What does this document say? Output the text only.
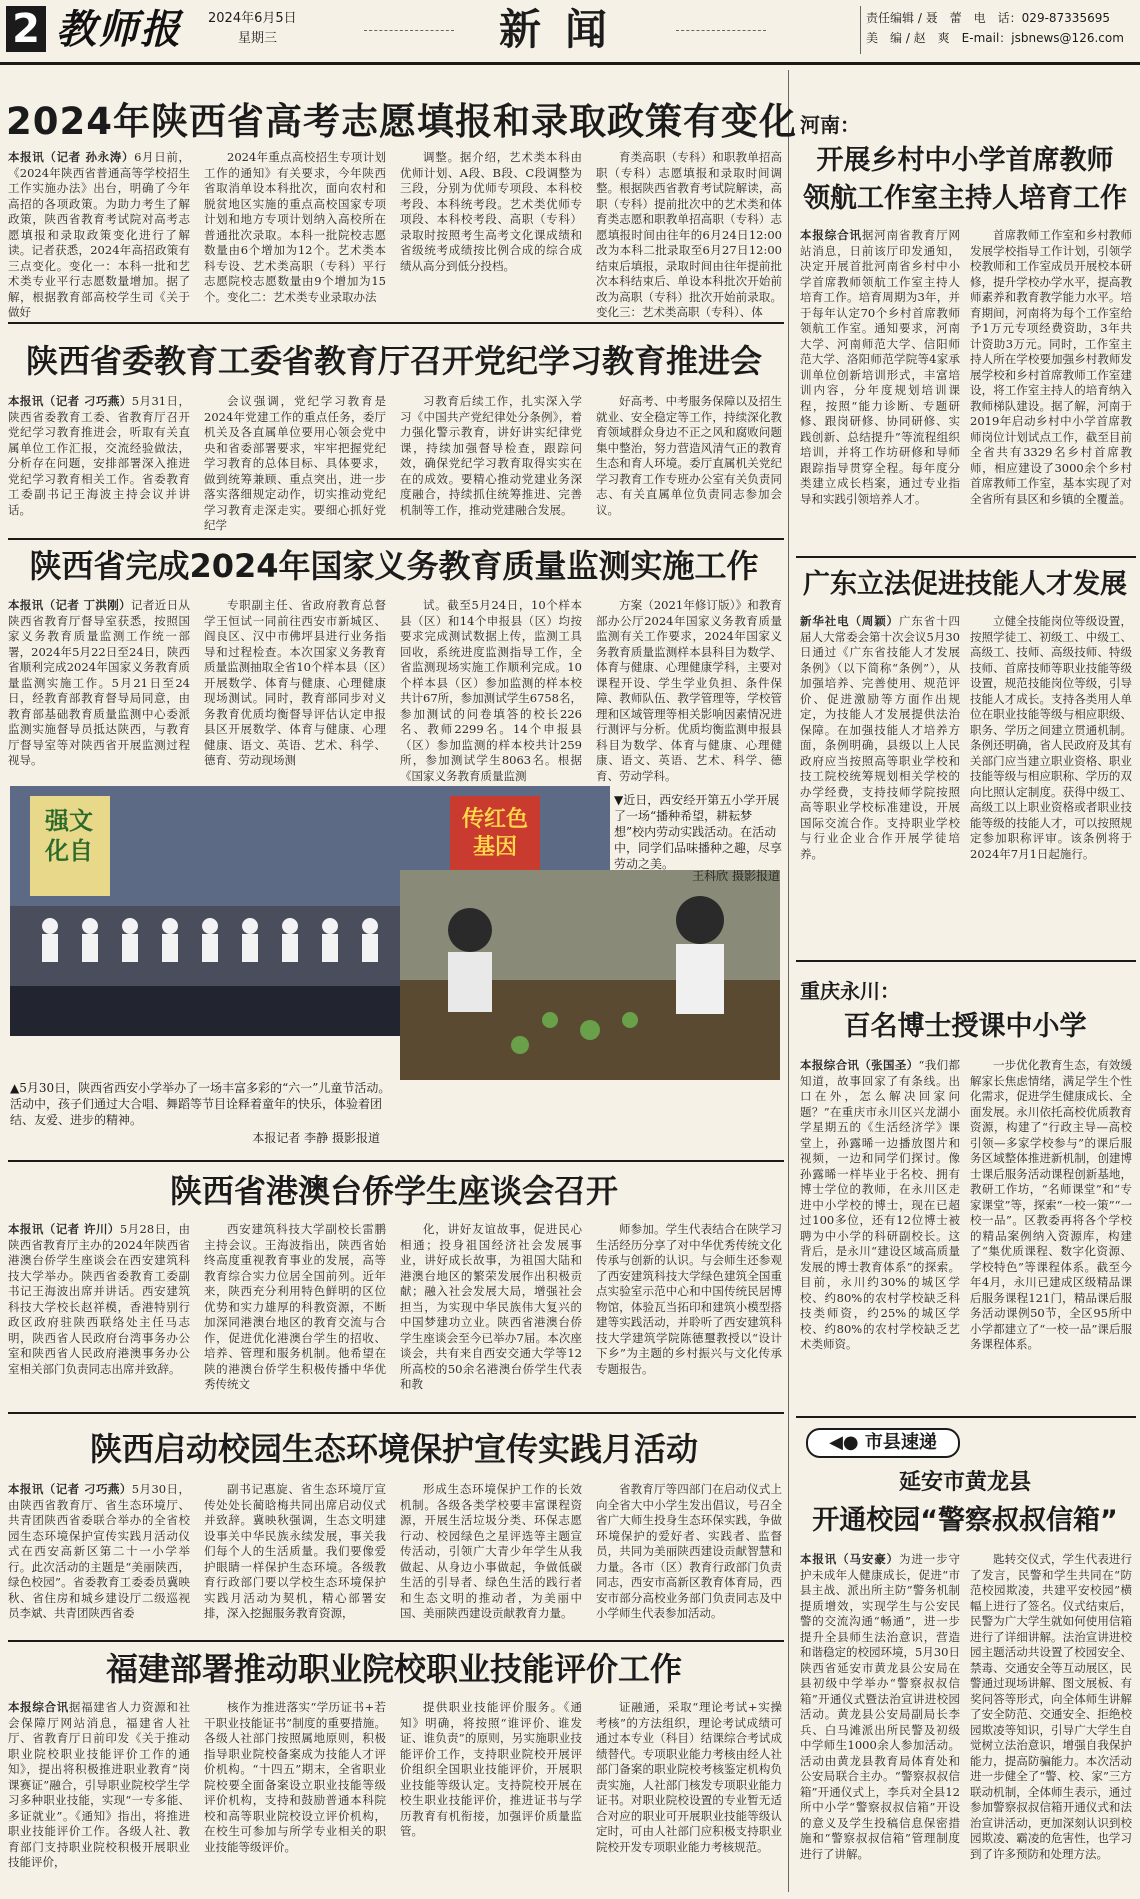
2 教师报 2024年6月5日
星期三	新闻	责任编辑 / 聂　蕾　电　话：029-87335695
美　编 / 赵　爽　E-mail：jsbnews@126.com
2024年陕西省高考志愿填报和录取政策有变化

本报讯（记者 孙永涛）6月日前，《2024年陕西省普通高等学校招生工作实施办法》出台，明确了今年高招的各项政策。为助力考生了解政策，陕西省教育考试院对高考志愿填报和录取政策变化进行了解读。记者获悉，2024年高招政策有三点变化。变化一：本科一批和艺术类专业平行志愿数量增加。据了解，根据教育部高校学生司《关于做好

2024年重点高校招生专项计划工作的通知》有关要求，今年陕西省取消单设本科批次，面向农村和脱贫地区实施的重点高校国家专项计划和地方专项计划纳入高校所在普通批次录取。本科一批院校志愿数量由6个增加为12个。艺术类本科专设、艺术类高职（专科）平行志愿院校志愿数量由9个增加为15个。变化二：艺术类专业录取办法

调整。据介绍，艺术类本科由优师计划、A段、B段、C段调整为三段，分别为优师专项段、本科校考段、本科统考段。艺术类优师专项段、本科校考段、高职（专科）录取时按照考生高考文化课成绩和省级统考成绩按比例合成的综合成绩从高分到低分投档。

育类高职（专科）和职教单招高职（专科）志愿填报和录取时间调整。根据陕西省教育考试院解读，高职（专科）提前批次中的艺术类和体育类志愿和职教单招高职（专科）志愿填报时间由往年的6月24日12:00改为本科二批录取至6月27日12:00结束后填报，录取时间由往年提前批次本科结束后、单设本科批次开始前改为高职（专科）批次开始前录取。变化三：艺术类高职（专科）、体

陕西省委教育工委省教育厅召开党纪学习教育推进会

本报讯（记者 刁巧燕）5月31日，陕西省委教育工委、省教育厅召开党纪学习教育推进会，听取有关直属单位工作汇报，交流经验做法，分析存在问题，安排部署深入推进党纪学习教育相关工作。省委教育工委副书记王海波主持会议并讲话。

会议强调，党纪学习教育是2024年党建工作的重点任务，委厅机关及各直属单位要用心领会党中央和省委部署要求，牢牢把握党纪学习教育的总体目标、具体要求，做到统筹兼顾、重点突出，进一步落实落细规定动作，切实推动党纪学习教育走深走实。要细心抓好党纪学

习教育后续工作，扎实深入学习《中国共产党纪律处分条例》，着力强化警示教育，讲好讲实纪律党课，持续加强督导检查，跟踪问效，确保党纪学习教育取得实实在在的成效。要精心推动党建业务深度融合，持续抓住统筹推进、完善机制等工作，推动党建融合发展。

好高考、中考服务保障以及招生就业、安全稳定等工作，持续深化教育领域群众身边不正之风和腐败问题集中整治，努力营造风清气正的教育生态和育人环境。委厅直属机关党纪学习教育工作专班办公室有关负责同志、有关直属单位负责同志参加会议。

陕西省完成2024年国家义务教育质量监测实施工作

本报讯（记者 丁洪刚）记者近日从陕西省教育厅督导室获悉，按照国家义务教育质量监测工作统一部署，2024年5月22日至24日，陕西省顺利完成2024年国家义务教育质量监测实施工作。5月21日至24日，经教育部教育督导局同意，由教育部基础教育质量监测中心委派监测实施督导员抵达陕西，与教育厅督导室等对陕西省开展监测过程视导。

专职副主任、省政府教育总督学王恒试一同前往西安市新城区、阎良区、汉中市佛坪县进行业务指导和过程检查。本次国家义务教育质量监测抽取全省10个样本县（区）开展数学、体育与健康、心理健康现场测试。同时，教育部同步对义务教育优质均衡督导评估认定申报县区开展数学、体育与健康、心理健康、语文、英语、艺术、科学、德育、劳动现场测

试。截至5月24日，10个样本县（区）和14个申报县（区）均按要求完成测试数据上传，监测工具回收，系统进度监测指导工作，全省监测现场实施工作顺利完成。10个样本县（区）参加监测的样本校共计67所，参加测试学生6758名，参加测试的问卷填答的校长226名、教师2299名。14个申报县（区）参加监测的样本校共计259所，参加测试学生8063名。根据《国家义务教育质量监测

方案（2021年修订版）》和教育部办公厅2024年国家义务教育质量监测有关工作要求，2024年国家义务教育质量监测样本县科目为数学、体育与健康、心理健康学科，主要对课程开设、学生学业负担、条件保障、教师队伍、教学管理等，学校管理和区域管理等相关影响因素情况进行测评与分析。优质均衡监测申报县科目为数学、体育与健康、心理健康、语文、英语、艺术、科学、德育、劳动学科。

强文化自
传红色基因
▼近日，西安经开第五小学开展了一场“播种希望，耕耘梦想”校内劳动实践活动。在活动中，同学们品味播种之趣，尽享劳动之美。
王科欣 摄影报道
▲5月30日，陕西省西安小学举办了一场丰富多彩的“六一”儿童节活动。活动中，孩子们通过大合唱、舞蹈等节目诠释着童年的快乐，体验着团结、友爱、进步的精神。
本报记者 李静 摄影报道
陕西省港澳台侨学生座谈会召开

本报讯（记者 许川）5月28日，由陕西省教育厅主办的2024年陕西省港澳台侨学生座谈会在西安建筑科技大学举办。陕西省委教育工委副书记王海波出席并讲话。西安建筑科技大学校长赵祥模，香港特别行政区政府驻陕西联络处主任马志明，陕西省人民政府台湾事务办公室和陕西省人民政府港澳事务办公室相关部门负责同志出席并致辞。

西安建筑科技大学副校长雷鹏主持会议。王海波指出，陕西省始终高度重视教育事业的发展，高等教育综合实力位居全国前列。近年来，陕西充分利用特色鲜明的区位优势和实力雄厚的科教资源，不断加深同港澳台地区的教育交流与合作，促进优化港澳台学生的招收、培养、管理和服务机制。他希望在陕的港澳台侨学生积极传播中华优秀传统文

化，讲好友谊故事，促进民心相通；投身祖国经济社会发展事业，讲好成长故事，为祖国大陆和港澳台地区的繁荣发展作出积极贡献；融入社会发展大局，增强社会担当，为实现中华民族伟大复兴的中国梦建功立业。陕西省港澳台侨学生座谈会至今已举办7届。本次座谈会，共有来自西安交通大学等12所高校的50余名港澳台侨学生代表和教

师参加。学生代表结合在陕学习生活经历分享了对中华优秀传统文化传承与创新的认识。与会师生还参观了西安建筑科技大学绿色建筑全国重点实验室示范中心和中国传统民居博物馆，体验瓦当拓印和建筑小模型搭建等实践活动，并聆听了西安建筑科技大学建筑学院陈德璽教授以“设计下乡”为主题的乡村振兴与文化传承专题报告。

陕西启动校园生态环境保护宣传实践月活动

本报讯（记者 刁巧燕）5月30日，由陕西省教育厅、省生态环境厅、共青团陕西省委联合举办的全省校园生态环境保护宣传实践月活动仪式在西安高新区第二十一小学举行。此次活动的主题是“美丽陕西，绿色校园”。省委教育工委委员冀映秋、省住房和城乡建设厅二级巡视员李斌、共青团陕西省委

副书记惠旋、省生态环境厅宣传处处长蔺晗梅共同出席启动仪式并致辞。冀映秋强调，生态文明建设事关中华民族永续发展，事关我们每个人的生活质量。我们要像爱护眼睛一样保护生态环境。各级教育行政部门要以学校生态环境保护实践月活动为契机，精心部署安排，深入挖掘服务教育资源，

形成生态环境保护工作的长效机制。各级各类学校要丰富课程资源，开展生活垃圾分类、环保志愿行动、校园绿色之星评选等主题宣传活动，引领广大青少年学生从我做起、从身边小事做起，争做低碳生活的引导者、绿色生活的践行者和生态文明的推动者，为美丽中国、美丽陕西建设贡献教育力量。

省教育厅等四部门在启动仪式上向全省大中小学生发出倡议，号召全省广大师生投身生态环保实践，争做环境保护的爱好者、实践者、监督员，共同为美丽陕西建设贡献智慧和力量。各市（区）教育行政部门负责同志，西安市高新区教育体育局，西安市部分高校业务部门负责同志及中小学师生代表参加活动。

福建部署推动职业院校职业技能评价工作

本报综合讯据福建省人力资源和社会保障厅网站消息，福建省人社厅、省教育厅日前印发《关于推动职业院校职业技能评价工作的通知》，提出将积极推进职业教育“岗课赛证”融合，引导职业院校学生学习多种职业技能，实现“一专多能、多证就业”。《通知》指出，将推进职业技能评价工作。各级人社、教育部门支持职业院校积极开展职业技能评价，

核作为推进落实“学历证书+若干职业技能证书”制度的重要措施。各级人社部门按照属地原则，积极指导职业院校备案成为技能人才评价机构。“十四五”期末，全省职业院校要全面备案设立职业技能等级评价机构，支持和鼓励普通本科院校和高等职业院校设立评价机构，在校生可参加与所学专业相关的职业技能等级评价。

提供职业技能评价服务。《通知》明确，将按照“谁评价、谁发证、谁负责”的原则，另实施职业技能评价工作，支持职业院校开展评价组织全国职业技能评价，开展职业技能等级认定。支持院校开展在校生职业技能评价，推进证书与学历教育有机衔接，加强评价质量监管。

证融通，采取“理论考试+实操考核”的方法组织，理论考试成绩可通过本专业（科目）结课综合考试成绩替代。专项职业能力考核由经人社部门备案的职业院校考核鉴定机构负责实施，人社部门核发专项职业能力证书。对职业院校设置的专业暂无适合对应的职业可开展职业技能等级认定时，可由人社部门应积极支持职业院校开发专项职业能力考核规范。

河南：
开展乡村中小学首席教师
领航工作室主持人培育工作

本报综合讯据河南省教育厅网站消息，日前该厅印发通知，决定开展首批河南省乡村中小学首席教师领航工作室主持人培育工作。培育周期为3年，并于每年认定70个乡村首席教师领航工作室。通知要求，河南大学、河南师范大学、信阳师范大学、洛阳师范学院等4家承训单位创新培训形式，丰富培训内容，分年度规划培训课程，按照“能力诊断、专题研修、跟岗研修、协同研修、实践创新、总结提升”等流程组织培训，并将工作坊研修和导师跟踪指导贯穿全程。每年度分类建立成长档案，通过专业指导和实践引领培养人才。

首席教师工作室和乡村教师发展学校指导工作计划，引领学校教师和工作室成员开展校本研修，提升学校办学水平，提高教师素养和教育教学能力水平。培育期间，河南将为每个工作室给予1万元专项经费资助，3年共计资助3万元。同时，工作室主持人所在学校要加强乡村教师发展学校和乡村首席教师工作室建设，将工作室主持人的培育纳入教师梯队建设。据了解，河南于2019年启动乡村中小学首席教师岗位计划试点工作，截至目前全省共有3329名乡村首席教师，相应建设了3000余个乡村首席教师工作室，基本实现了对全省所有县区和乡镇的全覆盖。

广东立法促进技能人才发展

新华社电（周颖）广东省十四届人大常委会第十次会议5月30日通过《广东省技能人才发展条例》（以下简称“条例”），从加强培养、完善使用、规范评价、促进激励等方面作出规定，为技能人才发展提供法治保障。在加强技能人才培养方面，条例明确，县级以上人民政府应当按照高等职业学校和技工院校统筹规划相关学校的办学经费，支持技师学院按照高等职业学校标准建设，开展国际交流合作。支持职业学校与行业企业合作开展学徒培养。

立健全技能岗位等级设置，按照学徒工、初级工、中级工、高级工、技师、高级技师、特级技师、首席技师等职业技能等级设置，规范技能岗位等级，引导技能人才成长。支持各类用人单位在职业技能等级与相应职级、职务、学历之间建立贯通机制。条例还明确，省人民政府及其有关部门应当建立职业资格、职业技能等级与相应职称、学历的双向比照认定制度。获得中级工、高级工以上职业资格或者职业技能等级的技能人才，可以按照规定参加职称评审。该条例将于2024年7月1日起施行。

重庆永川：
百名博士授课中小学

本报综合讯（张国圣）“我们都知道，故事回家了有条线。出口在外，怎么解决回家问题？”在重庆市永川区兴龙湖小学星期五的《生活经济学》课堂上，孙露晞一边播放图片和视频，一边和同学们探讨。像孙露晞一样毕业于名校、拥有博士学位的教师，在永川区走进中小学校的博士，现在已超过100多位，还有12位博士被聘为中小学的科研副校长。这背后，是永川“建设区域高质量发展的博士教育体系”的探索。目前，永川约30%的城区学校、约80%的农村学校缺乏科技类师资，约25%的城区学校、约80%的农村学校缺乏艺术类师资。

一步优化教育生态，有效缓解家长焦虑情绪，满足学生个性化需求，促进学生健康成长、全面发展。永川依托高校优质教育资源，构建了“行政主导—高校引领—多家学校参与”的课后服务区域整体推进新机制，创建博士课后服务活动课程创新基地，教研工作坊，“名师课堂”和“专家课堂”等，探索“一校一策”“一校一品”。区教委再将各个学校的精品案例纳入资源库，构建了“集优质课程、数字化资源、学校特色”等课程体系。截至今年4月，永川已建成区级精品课后服务课程121门，精品课后服务活动课例50节，全区95所中小学都建立了“一校一品”课后服务课程体系。

◀● 市县速递
延安市黄龙县
开通校园“警察叔叔信箱”

本报讯（马安豪）为进一步守护未成年人健康成长，促进“市县主战、派出所主防”警务机制提质增效，实现学生与公安民警的交流沟通“畅通”，进一步提升全县师生法治意识，营造和谐稳定的校园环境，5月30日陕西省延安市黄龙县公安局在县初级中学举办“警察叔叔信箱”开通仪式暨法治宣讲进校园活动。黄龙县公安局副局长李兵、白马滩派出所民警及初级中学师生1000余人参加活动。活动由黄龙县教育局体育处和公安局联合主办。“警察叔叔信箱”开通仪式上，李兵对全县12所中小学“警察叔叔信箱”开设的意义及学生投稿信息保密措施和“警察叔叔信箱”管理制度进行了讲解。

匙转交仪式，学生代表进行了发言，民警和学生共同在“防范校园欺凌，共建平安校园”横幅上进行了签名。仪式结束后，民警为广大学生就如何使用信箱进行了详细讲解。法治宣讲进校园主题活动共设置了校园安全、禁毒、交通安全等互动展区，民警通过现场讲解、图文展板、有奖问答等形式，向全体师生讲解了安全防范、交通安全、拒绝校园欺凌等知识，引导广大学生自觉树立法治意识，增强自我保护能力，提高防骗能力。本次活动进一步健全了“警、校、家”三方联动机制，全体师生表示，通过参加警察叔叔信箱开通仪式和法治宣讲活动，更加深刻认识到校园欺凌、霸凌的危害性，也学习到了许多预防和处理方法。
